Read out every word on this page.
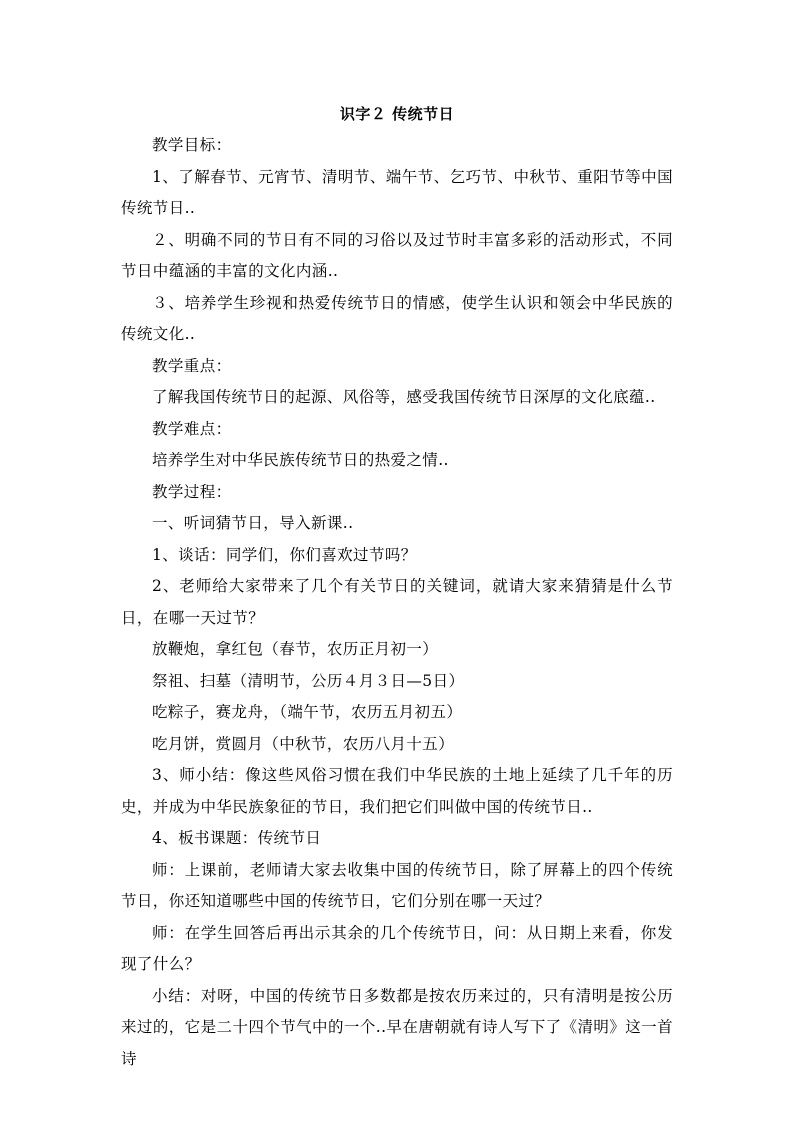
识字２ 传统节日

教学目标：

1、了解春节、元宵节、清明节、端午节、乞巧节、中秋节、重阳节等中国传统节日..

２、明确不同的节日有不同的习俗以及过节时丰富多彩的活动形式，不同节日中蕴涵的丰富的文化内涵..

３、培养学生珍视和热爱传统节日的情感，使学生认识和领会中华民族的传统文化..

教学重点：

了解我国传统节日的起源、风俗等，感受我国传统节日深厚的文化底蕴..

教学难点：

培养学生对中华民族传统节日的热爱之情..

教学过程：

一、听词猜节日，导入新课..

1、谈话：同学们，你们喜欢过节吗？

2、老师给大家带来了几个有关节日的关键词，就请大家来猜猜是什么节日，在哪一天过节？

放鞭炮，拿红包（春节，农历正月初一）

祭祖、扫墓（清明节，公历４月３日—5日）

吃粽子，赛龙舟，（端午节，农历五月初五）

吃月饼，赏圆月（中秋节，农历八月十五）

3、师小结：像这些风俗习惯在我们中华民族的土地上延续了几千年的历史，并成为中华民族象征的节日，我们把它们叫做中国的传统节日..

4、板书课题：传统节日

师：上课前，老师请大家去收集中国的传统节日，除了屏幕上的四个传统节日，你还知道哪些中国的传统节日，它们分别在哪一天过？

师：在学生回答后再出示其余的几个传统节日，问：从日期上来看，你发现了什么？

小结：对呀，中国的传统节日多数都是按农历来过的，只有清明是按公历来过的，它是二十四个节气中的一个..早在唐朝就有诗人写下了《清明》这一首诗
